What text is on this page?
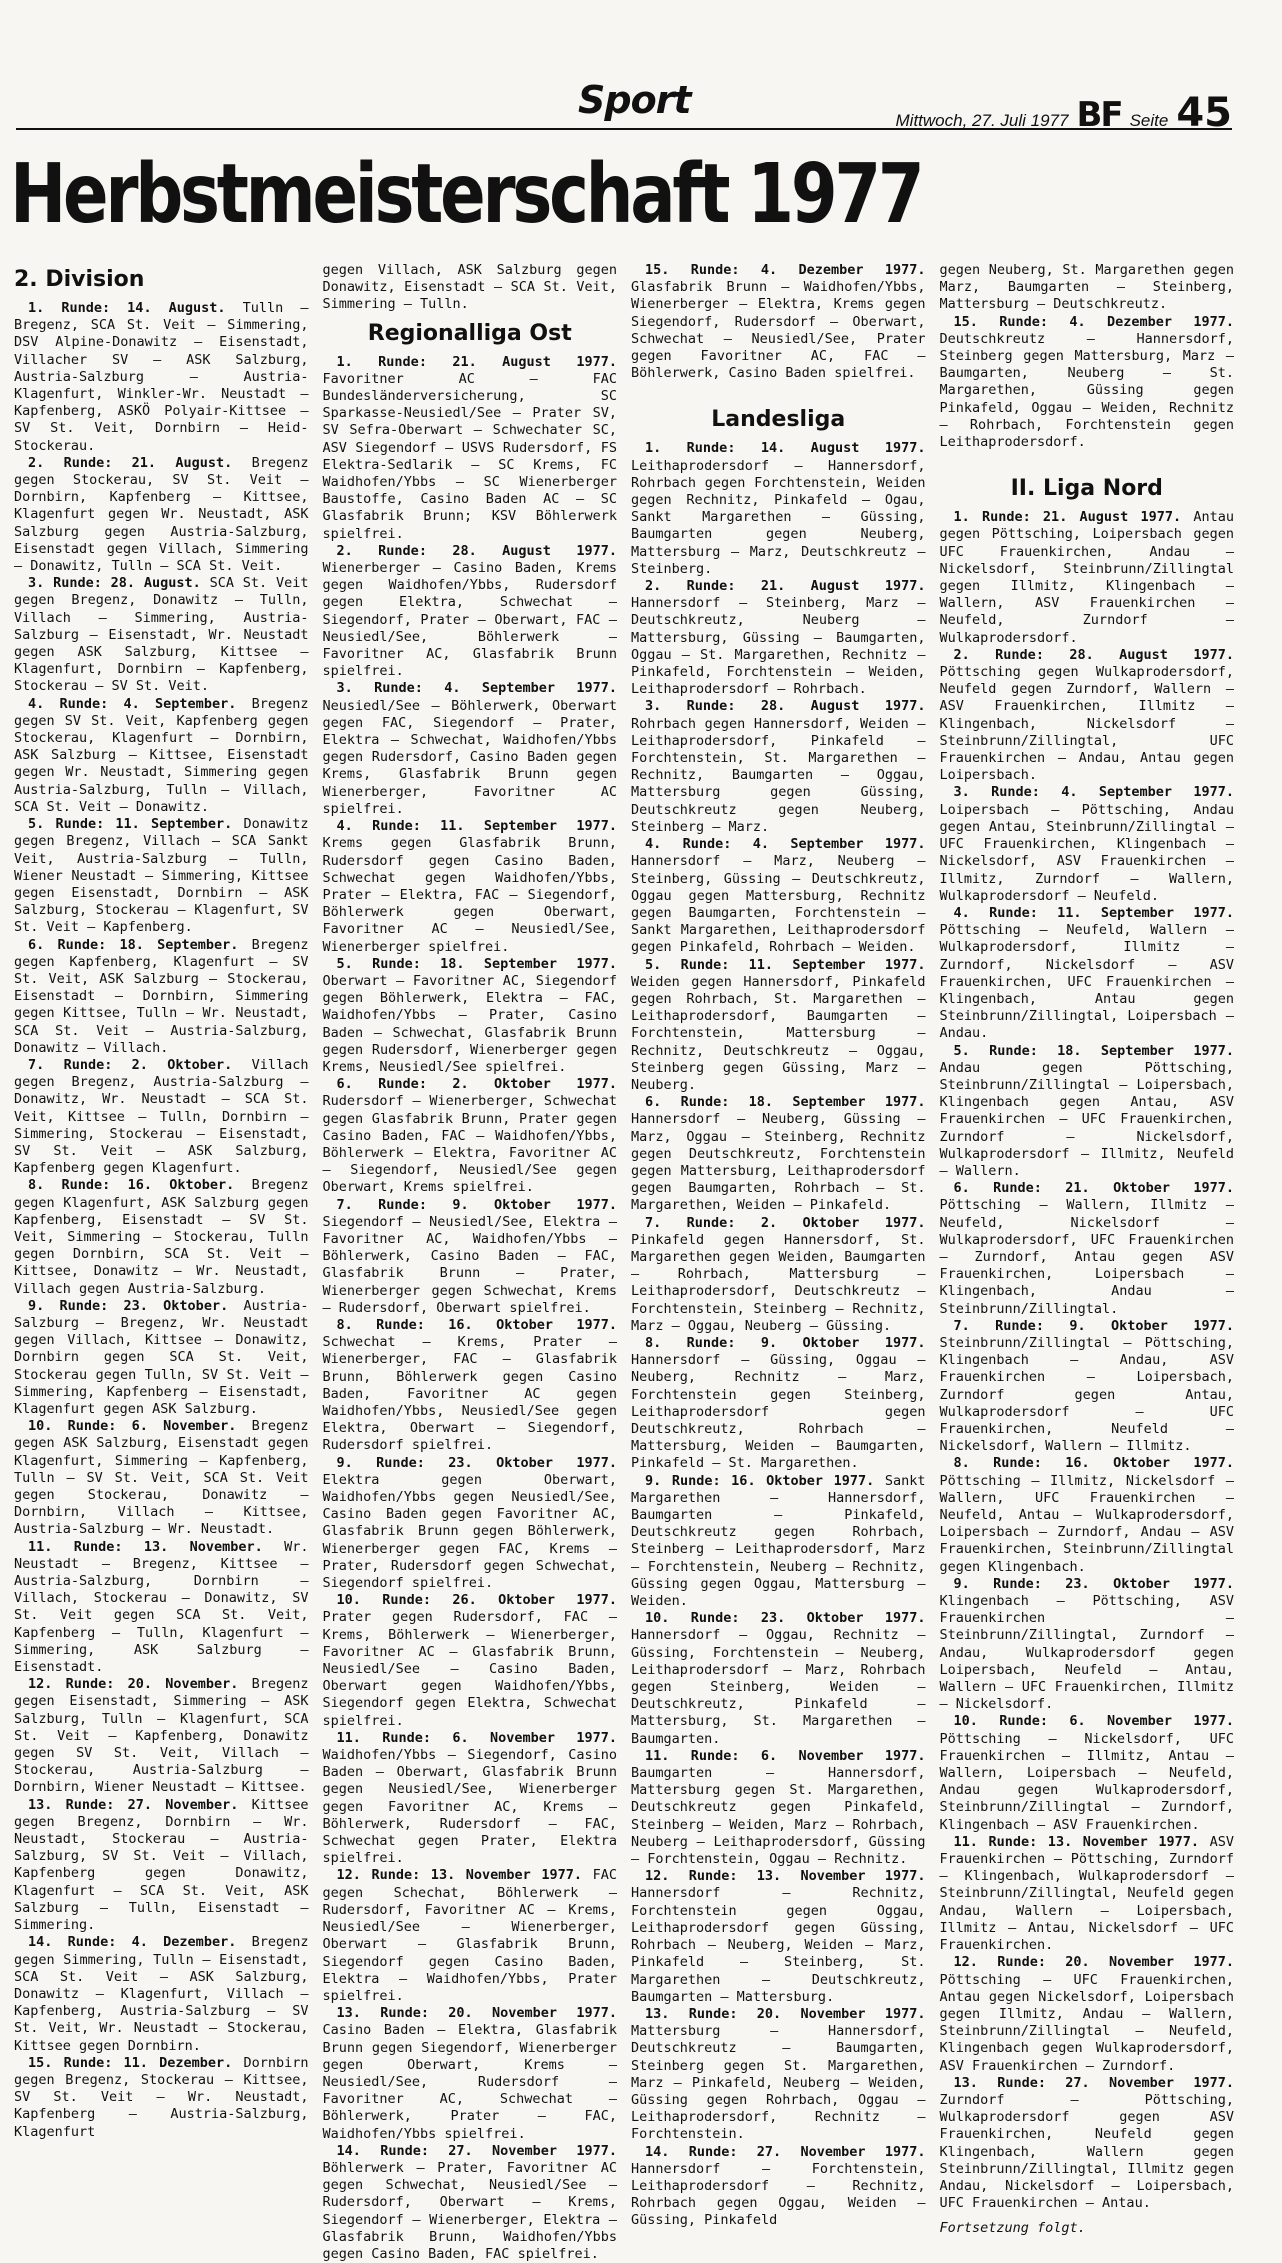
Sport	Mittwoch, 27. Juli 1977 BF Seite 45
Herbstmeisterschaft 1977
2. Division

1. Runde: 14. August. Tulln — Bregenz, SCA St. Veit — Simmering, DSV Alpine-Donawitz — Eisenstadt, Villacher SV — ASK Salzburg, Austria-Salzburg — Austria-Klagenfurt, Winkler-Wr. Neustadt — Kapfenberg, ASKÖ Polyair-Kittsee — SV St. Veit, Dornbirn — Heid-Stockerau.

2. Runde: 21. August. Bregenz gegen Stockerau, SV St. Veit — Dornbirn, Kapfenberg — Kittsee, Klagenfurt gegen Wr. Neustadt, ASK Salzburg gegen Austria-Salzburg, Eisenstadt gegen Villach, Simmering — Donawitz, Tulln — SCA St. Veit.

3. Runde: 28. August. SCA St. Veit gegen Bregenz, Donawitz — Tulln, Villach — Simmering, Austria-Salzburg — Eisenstadt, Wr. Neustadt gegen ASK Salzburg, Kittsee — Klagenfurt, Dornbirn — Kapfenberg, Stockerau — SV St. Veit.

4. Runde: 4. September. Bregenz gegen SV St. Veit, Kapfenberg gegen Stockerau, Klagenfurt — Dornbirn, ASK Salzburg — Kittsee, Eisenstadt gegen Wr. Neustadt, Simmering gegen Austria-Salzburg, Tulln — Villach, SCA St. Veit — Donawitz.

5. Runde: 11. September. Donawitz gegen Bregenz, Villach — SCA Sankt Veit, Austria-Salzburg — Tulln, Wiener Neustadt — Simmering, Kittsee gegen Eisenstadt, Dornbirn — ASK Salzburg, Stockerau — Klagenfurt, SV St. Veit — Kapfenberg.

6. Runde: 18. September. Bregenz gegen Kapfenberg, Klagenfurt — SV St. Veit, ASK Salzburg — Stockerau, Eisenstadt — Dornbirn, Simmering gegen Kittsee, Tulln — Wr. Neustadt, SCA St. Veit — Austria-Salzburg, Donawitz — Villach.

7. Runde: 2. Oktober. Villach gegen Bregenz, Austria-Salzburg — Donawitz, Wr. Neustadt — SCA St. Veit, Kittsee — Tulln, Dornbirn — Simmering, Stockerau — Eisenstadt, SV St. Veit — ASK Salzburg, Kapfenberg gegen Klagenfurt.

8. Runde: 16. Oktober. Bregenz gegen Klagenfurt, ASK Salzburg gegen Kapfenberg, Eisenstadt — SV St. Veit, Simmering — Stockerau, Tulln gegen Dornbirn, SCA St. Veit — Kittsee, Donawitz — Wr. Neustadt, Villach gegen Austria-Salzburg.

9. Runde: 23. Oktober. Austria-Salzburg — Bregenz, Wr. Neustadt gegen Villach, Kittsee — Donawitz, Dornbirn gegen SCA St. Veit, Stockerau gegen Tulln, SV St. Veit — Simmering, Kapfenberg — Eisenstadt, Klagenfurt gegen ASK Salzburg.

10. Runde: 6. November. Bregenz gegen ASK Salzburg, Eisenstadt gegen Klagenfurt, Simmering — Kapfenberg, Tulln — SV St. Veit, SCA St. Veit gegen Stockerau, Donawitz — Dornbirn, Villach — Kittsee, Austria-Salzburg — Wr. Neustadt.

11. Runde: 13. November. Wr. Neustadt — Bregenz, Kittsee — Austria-Salzburg, Dornbirn — Villach, Stockerau — Donawitz, SV St. Veit gegen SCA St. Veit, Kapfenberg — Tulln, Klagenfurt — Simmering, ASK Salzburg — Eisenstadt.

12. Runde: 20. November. Bregenz gegen Eisenstadt, Simmering — ASK Salzburg, Tulln — Klagenfurt, SCA St. Veit — Kapfenberg, Donawitz gegen SV St. Veit, Villach — Stockerau, Austria-Salzburg — Dornbirn, Wiener Neustadt — Kittsee.

13. Runde: 27. November. Kittsee gegen Bregenz, Dornbirn — Wr. Neustadt, Stockerau — Austria-Salzburg, SV St. Veit — Villach, Kapfenberg gegen Donawitz, Klagenfurt — SCA St. Veit, ASK Salzburg — Tulln, Eisenstadt — Simmering.

14. Runde: 4. Dezember. Bregenz gegen Simmering, Tulln — Eisenstadt, SCA St. Veit — ASK Salzburg, Donawitz — Klagenfurt, Villach — Kapfenberg, Austria-Salzburg — SV St. Veit, Wr. Neustadt — Stockerau, Kittsee gegen Dornbirn.

15. Runde: 11. Dezember. Dornbirn gegen Bregenz, Stockerau — Kittsee, SV St. Veit — Wr. Neustadt, Kapfenberg — Austria-Salzburg, Klagenfurt

gegen Villach, ASK Salzburg gegen Donawitz, Eisenstadt — SCA St. Veit, Simmering — Tulln.

Regionalliga Ost

1. Runde: 21. August 1977. Favoritner AC — FAC Bundesländerversicherung, SC Sparkasse-Neusiedl/See — Prater SV, SV Sefra-Oberwart — Schwechater SC, ASV Siegendorf — USVS Rudersdorf, FS Elektra-Sedlarik — SC Krems, FC Waidhofen/Ybbs — SC Wienerberger Baustoffe, Casino Baden AC — SC Glasfabrik Brunn; KSV Böhlerwerk spielfrei.

2. Runde: 28. August 1977. Wienerberger — Casino Baden, Krems gegen Waidhofen/Ybbs, Rudersdorf gegen Elektra, Schwechat — Siegendorf, Prater — Oberwart, FAC — Neusiedl/See, Böhlerwerk — Favoritner AC, Glasfabrik Brunn spielfrei.

3. Runde: 4. September 1977. Neusiedl/See — Böhlerwerk, Oberwart gegen FAC, Siegendorf — Prater, Elektra — Schwechat, Waidhofen/Ybbs gegen Rudersdorf, Casino Baden gegen Krems, Glasfabrik Brunn gegen Wienerberger, Favoritner AC spielfrei.

4. Runde: 11. September 1977. Krems gegen Glasfabrik Brunn, Rudersdorf gegen Casino Baden, Schwechat gegen Waidhofen/Ybbs, Prater — Elektra, FAC — Siegendorf, Böhlerwerk gegen Oberwart, Favoritner AC — Neusiedl/See, Wienerberger spielfrei.

5. Runde: 18. September 1977. Oberwart — Favoritner AC, Siegendorf gegen Böhlerwerk, Elektra — FAC, Waidhofen/Ybbs — Prater, Casino Baden — Schwechat, Glasfabrik Brunn gegen Rudersdorf, Wienerberger gegen Krems, Neusiedl/See spielfrei.

6. Runde: 2. Oktober 1977. Rudersdorf — Wienerberger, Schwechat gegen Glasfabrik Brunn, Prater gegen Casino Baden, FAC — Waidhofen/Ybbs, Böhlerwerk — Elektra, Favoritner AC — Siegendorf, Neusiedl/See gegen Oberwart, Krems spielfrei.

7. Runde: 9. Oktober 1977. Siegendorf — Neusiedl/See, Elektra — Favoritner AC, Waidhofen/Ybbs — Böhlerwerk, Casino Baden — FAC, Glasfabrik Brunn — Prater, Wienerberger gegen Schwechat, Krems — Rudersdorf, Oberwart spielfrei.

8. Runde: 16. Oktober 1977. Schwechat — Krems, Prater — Wienerberger, FAC — Glasfabrik Brunn, Böhlerwerk gegen Casino Baden, Favoritner AC gegen Waidhofen/Ybbs, Neusiedl/See gegen Elektra, Oberwart — Siegendorf, Rudersdorf spielfrei.

9. Runde: 23. Oktober 1977. Elektra gegen Oberwart, Waidhofen/Ybbs gegen Neusiedl/See, Casino Baden gegen Favoritner AC, Glasfabrik Brunn gegen Böhlerwerk, Wienerberger gegen FAC, Krems — Prater, Rudersdorf gegen Schwechat, Siegendorf spielfrei.

10. Runde: 26. Oktober 1977. Prater gegen Rudersdorf, FAC — Krems, Böhlerwerk — Wienerberger, Favoritner AC — Glasfabrik Brunn, Neusiedl/See — Casino Baden, Oberwart gegen Waidhofen/Ybbs, Siegendorf gegen Elektra, Schwechat spielfrei.

11. Runde: 6. November 1977. Waidhofen/Ybbs — Siegendorf, Casino Baden — Oberwart, Glasfabrik Brunn gegen Neusiedl/See, Wienerberger gegen Favoritner AC, Krems — Böhlerwerk, Rudersdorf — FAC, Schwechat gegen Prater, Elektra spielfrei.

12. Runde: 13. November 1977. FAC gegen Schechat, Böhlerwerk — Rudersdorf, Favoritner AC — Krems, Neusiedl/See — Wienerberger, Oberwart — Glasfabrik Brunn, Siegendorf gegen Casino Baden, Elektra — Waidhofen/Ybbs, Prater spielfrei.

13. Runde: 20. November 1977. Casino Baden — Elektra, Glasfabrik Brunn gegen Siegendorf, Wienerberger gegen Oberwart, Krems — Neusiedl/See, Rudersdorf — Favoritner AC, Schwechat — Böhlerwerk, Prater — FAC, Waidhofen/Ybbs spielfrei.

14. Runde: 27. November 1977. Böhlerwerk — Prater, Favoritner AC gegen Schwechat, Neusiedl/See — Rudersdorf, Oberwart — Krems, Siegendorf — Wienerberger, Elektra — Glasfabrik Brunn, Waidhofen/Ybbs gegen Casino Baden, FAC spielfrei.

15. Runde: 4. Dezember 1977. Glasfabrik Brunn — Waidhofen/Ybbs, Wienerberger — Elektra, Krems gegen Siegendorf, Rudersdorf — Oberwart, Schwechat — Neusiedl/See, Prater gegen Favoritner AC, FAC — Böhlerwerk, Casino Baden spielfrei.

Landesliga

1. Runde: 14. August 1977. Leithaprodersdorf — Hannersdorf, Rohrbach gegen Forchtenstein, Weiden gegen Rechnitz, Pinkafeld — Ogau, Sankt Margarethen — Güssing, Baumgarten gegen Neuberg, Mattersburg — Marz, Deutschkreutz — Steinberg.

2. Runde: 21. August 1977. Hannersdorf — Steinberg, Marz — Deutschkreutz, Neuberg — Mattersburg, Güssing — Baumgarten, Oggau — St. Margarethen, Rechnitz — Pinkafeld, Forchtenstein — Weiden, Leithaprodersdorf — Rohrbach.

3. Runde: 28. August 1977. Rohrbach gegen Hannersdorf, Weiden — Leithaprodersdorf, Pinkafeld — Forchtenstein, St. Margarethen — Rechnitz, Baumgarten — Oggau, Mattersburg gegen Güssing, Deutschkreutz gegen Neuberg, Steinberg — Marz.

4. Runde: 4. September 1977. Hannersdorf — Marz, Neuberg — Steinberg, Güssing — Deutschkreutz, Oggau gegen Mattersburg, Rechnitz gegen Baumgarten, Forchtenstein — Sankt Margarethen, Leithaprodersdorf gegen Pinkafeld, Rohrbach — Weiden.

5. Runde: 11. September 1977. Weiden gegen Hannersdorf, Pinkafeld gegen Rohrbach, St. Margarethen — Leithaprodersdorf, Baumgarten — Forchtenstein, Mattersburg — Rechnitz, Deutschkreutz — Oggau, Steinberg gegen Güssing, Marz — Neuberg.

6. Runde: 18. September 1977. Hannersdorf — Neuberg, Güssing — Marz, Oggau — Steinberg, Rechnitz gegen Deutschkreutz, Forchtenstein gegen Mattersburg, Leithaprodersdorf gegen Baumgarten, Rohrbach — St. Margarethen, Weiden — Pinkafeld.

7. Runde: 2. Oktober 1977. Pinkafeld gegen Hannersdorf, St. Margarethen gegen Weiden, Baumgarten — Rohrbach, Mattersburg — Leithaprodersdorf, Deutschkreutz — Forchtenstein, Steinberg — Rechnitz, Marz — Oggau, Neuberg — Güssing.

8. Runde: 9. Oktober 1977. Hannersdorf — Güssing, Oggau — Neuberg, Rechnitz — Marz, Forchtenstein gegen Steinberg, Leithaprodersdorf gegen Deutschkreutz, Rohrbach — Mattersburg, Weiden — Baumgarten, Pinkafeld — St. Margarethen.

9. Runde: 16. Oktober 1977. Sankt Margarethen — Hannersdorf, Baumgarten — Pinkafeld, Deutschkreutz gegen Rohrbach, Steinberg — Leithaprodersdorf, Marz — Forchtenstein, Neuberg — Rechnitz, Güssing gegen Oggau, Mattersburg — Weiden.

10. Runde: 23. Oktober 1977. Hannersdorf — Oggau, Rechnitz — Güssing, Forchtenstein — Neuberg, Leithaprodersdorf — Marz, Rohrbach gegen Steinberg, Weiden — Deutschkreutz, Pinkafeld — Mattersburg, St. Margarethen — Baumgarten.

11. Runde: 6. November 1977. Baumgarten — Hannersdorf, Mattersburg gegen St. Margarethen, Deutschkreutz gegen Pinkafeld, Steinberg — Weiden, Marz — Rohrbach, Neuberg — Leithaprodersdorf, Güssing — Forchtenstein, Oggau — Rechnitz.

12. Runde: 13. November 1977. Hannersdorf — Rechnitz, Forchtenstein gegen Oggau, Leithaprodersdorf gegen Güssing, Rohrbach — Neuberg, Weiden — Marz, Pinkafeld — Steinberg, St. Margarethen — Deutschkreutz, Baumgarten — Mattersburg.

13. Runde: 20. November 1977. Mattersburg — Hannersdorf, Deutschkreutz — Baumgarten, Steinberg gegen St. Margarethen, Marz — Pinkafeld, Neuberg — Weiden, Güssing gegen Rohrbach, Oggau — Leithaprodersdorf, Rechnitz — Forchtenstein.

14. Runde: 27. November 1977. Hannersdorf — Forchtenstein, Leithaprodersdorf — Rechnitz, Rohrbach gegen Oggau, Weiden — Güssing, Pinkafeld

gegen Neuberg, St. Margarethen gegen Marz, Baumgarten — Steinberg, Mattersburg — Deutschkreutz.

15. Runde: 4. Dezember 1977. Deutschkreutz — Hannersdorf, Steinberg gegen Mattersburg, Marz — Baumgarten, Neuberg — St. Margarethen, Güssing gegen Pinkafeld, Oggau — Weiden, Rechnitz — Rohrbach, Forchtenstein gegen Leithaprodersdorf.

II. Liga Nord

1. Runde: 21. August 1977. Antau gegen Pöttsching, Loipersbach gegen UFC Frauenkirchen, Andau — Nickelsdorf, Steinbrunn/Zillingtal gegen Illmitz, Klingenbach — Wallern, ASV Frauenkirchen — Neufeld, Zurndorf — Wulkaprodersdorf.

2. Runde: 28. August 1977. Pöttsching gegen Wulkaprodersdorf, Neufeld gegen Zurndorf, Wallern — ASV Frauenkirchen, Illmitz — Klingenbach, Nickelsdorf — Steinbrunn/Zillingtal, UFC Frauenkirchen — Andau, Antau gegen Loipersbach.

3. Runde: 4. September 1977. Loipersbach — Pöttsching, Andau gegen Antau, Steinbrunn/Zillingtal — UFC Frauenkirchen, Klingenbach — Nickelsdorf, ASV Frauenkirchen — Illmitz, Zurndorf — Wallern, Wulkaprodersdorf — Neufeld.

4. Runde: 11. September 1977. Pöttsching — Neufeld, Wallern — Wulkaprodersdorf, Illmitz — Zurndorf, Nickelsdorf — ASV Frauenkirchen, UFC Frauenkirchen — Klingenbach, Antau gegen Steinbrunn/Zillingtal, Loipersbach — Andau.

5. Runde: 18. September 1977. Andau gegen Pöttsching, Steinbrunn/Zillingtal — Loipersbach, Klingenbach gegen Antau, ASV Frauenkirchen — UFC Frauenkirchen, Zurndorf — Nickelsdorf, Wulkaprodersdorf — Illmitz, Neufeld — Wallern.

6. Runde: 21. Oktober 1977. Pöttsching — Wallern, Illmitz — Neufeld, Nickelsdorf — Wulkaprodersdorf, UFC Frauenkirchen — Zurndorf, Antau gegen ASV Frauenkirchen, Loipersbach — Klingenbach, Andau — Steinbrunn/Zillingtal.

7. Runde: 9. Oktober 1977. Steinbrunn/Zillingtal — Pöttsching, Klingenbach — Andau, ASV Frauenkirchen — Loipersbach, Zurndorf gegen Antau, Wulkaprodersdorf — UFC Frauenkirchen, Neufeld — Nickelsdorf, Wallern — Illmitz.

8. Runde: 16. Oktober 1977. Pöttsching — Illmitz, Nickelsdorf — Wallern, UFC Frauenkirchen — Neufeld, Antau — Wulkaprodersdorf, Loipersbach — Zurndorf, Andau — ASV Frauenkirchen, Steinbrunn/Zillingtal gegen Klingenbach.

9. Runde: 23. Oktober 1977. Klingenbach — Pöttsching, ASV Frauenkirchen — Steinbrunn/Zillingtal, Zurndorf — Andau, Wulkaprodersdorf gegen Loipersbach, Neufeld — Antau, Wallern — UFC Frauenkirchen, Illmitz — Nickelsdorf.

10. Runde: 6. November 1977. Pöttsching — Nickelsdorf, UFC Frauenkirchen — Illmitz, Antau — Wallern, Loipersbach — Neufeld, Andau gegen Wulkaprodersdorf, Steinbrunn/Zillingtal — Zurndorf, Klingenbach — ASV Frauenkirchen.

11. Runde: 13. November 1977. ASV Frauenkirchen — Pöttsching, Zurndorf — Klingenbach, Wulkaprodersdorf — Steinbrunn/Zillingtal, Neufeld gegen Andau, Wallern — Loipersbach, Illmitz — Antau, Nickelsdorf — UFC Frauenkirchen.

12. Runde: 20. November 1977. Pöttsching — UFC Frauenkirchen, Antau gegen Nickelsdorf, Loipersbach gegen Illmitz, Andau — Wallern, Steinbrunn/Zillingtal — Neufeld, Klingenbach gegen Wulkaprodersdorf, ASV Frauenkirchen — Zurndorf.

13. Runde: 27. November 1977. Zurndorf — Pöttsching, Wulkaprodersdorf gegen ASV Frauenkirchen, Neufeld gegen Klingenbach, Wallern gegen Steinbrunn/Zillingtal, Illmitz gegen Andau, Nickelsdorf — Loipersbach, UFC Frauenkirchen — Antau.

Fortsetzung folgt.
